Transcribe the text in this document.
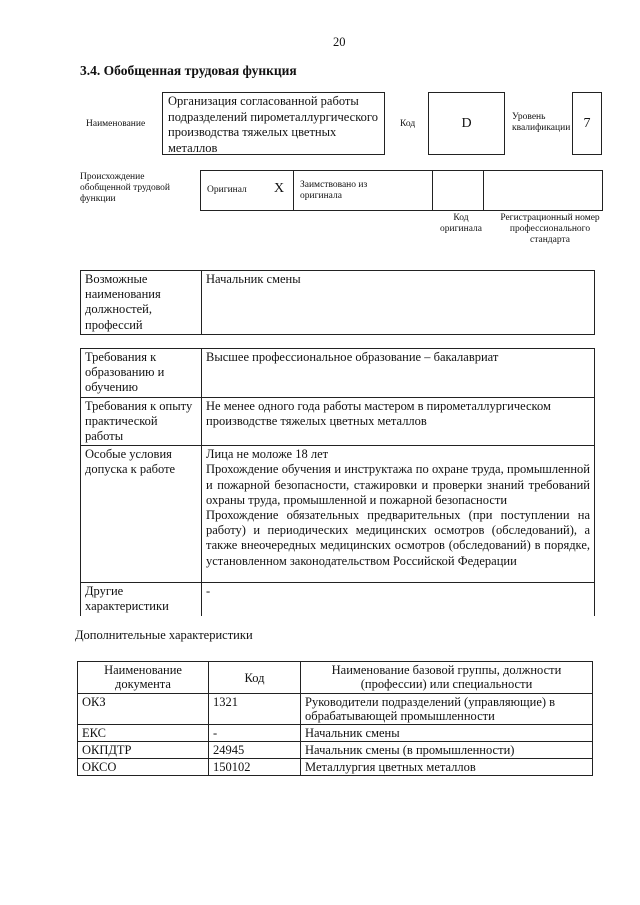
20
3.4. Обобщенная трудовая функция
Наименование
Организация согласованной работы подразделений пирометаллургического производства тяжелых цветных металлов
Код	D	Уровень квалификации 7
Происхождение обобщенной трудовой функции
Оригинал X Заимствовано из оригинала
Код оригинала
Регистрационный номер профессионального стандарта
Возможные наименования должностей, профессий	Начальник смены
Требования к образованию и обучению	Высшее профессиональное образование – бакалавриат

Требования к опыту практической работы	Не менее одного года работы мастером в пирометаллургическом производстве тяжелых цветных металлов

Особые условия допуска к работе	Лица не моложе 18 лет
Прохождение обучения и инструктажа по охране труда, промышленной и пожарной безопасности, стажировки и проверки знаний требований охраны труда, промышленной и пожарной безопасности
Прохождение обязательных предварительных (при поступлении на работу) и периодических медицинских осмотров (обследований), а также внеочередных медицинских осмотров (обследований) в порядке, установленном законодательством Российской Федерации

Другие характеристики	-
Дополнительные характеристики
Наименование документа	Код	Наименование базовой группы, должности (профессии) или специальности
ОКЗ	1321	Руководители подразделений (управляющие) в обрабатывающей промышленности
ЕКС	-	Начальник смены
ОКПДТР	24945	Начальник смены (в промышленности)
ОКСО	150102	Металлургия цветных металлов
